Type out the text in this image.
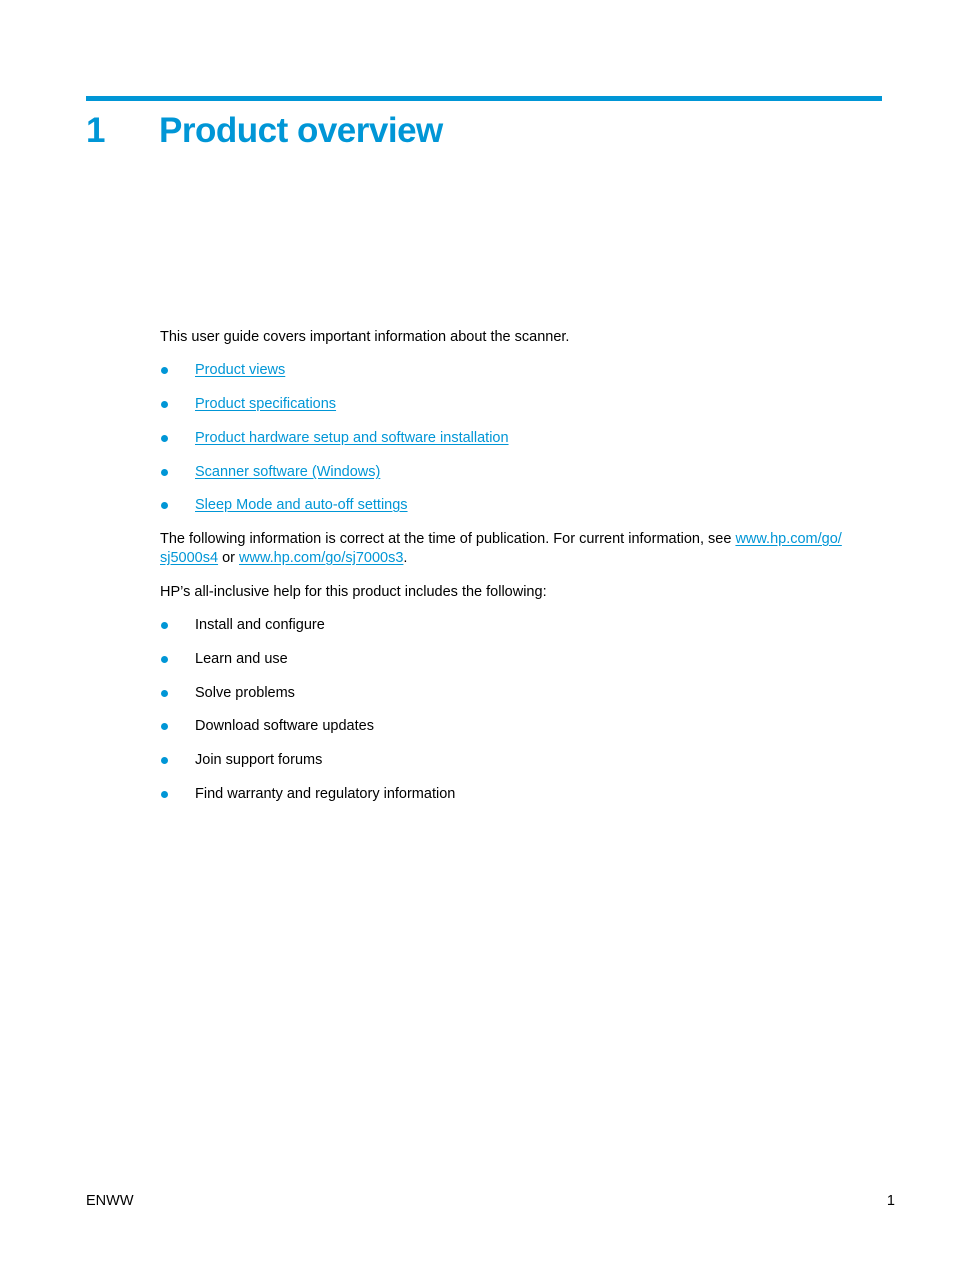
1	Product overview
This user guide covers important information about the scanner.
Product views
Product specifications
Product hardware setup and software installation
Scanner software (Windows)
Sleep Mode and auto-off settings
The following information is correct at the time of publication. For current information, see www.hp.com/go/
sj5000s4 or www.hp.com/go/sj7000s3.
HP’s all-inclusive help for this product includes the following:
Install and configure
Learn and use
Solve problems
Download software updates
Join support forums
Find warranty and regulatory information
ENWW	1
